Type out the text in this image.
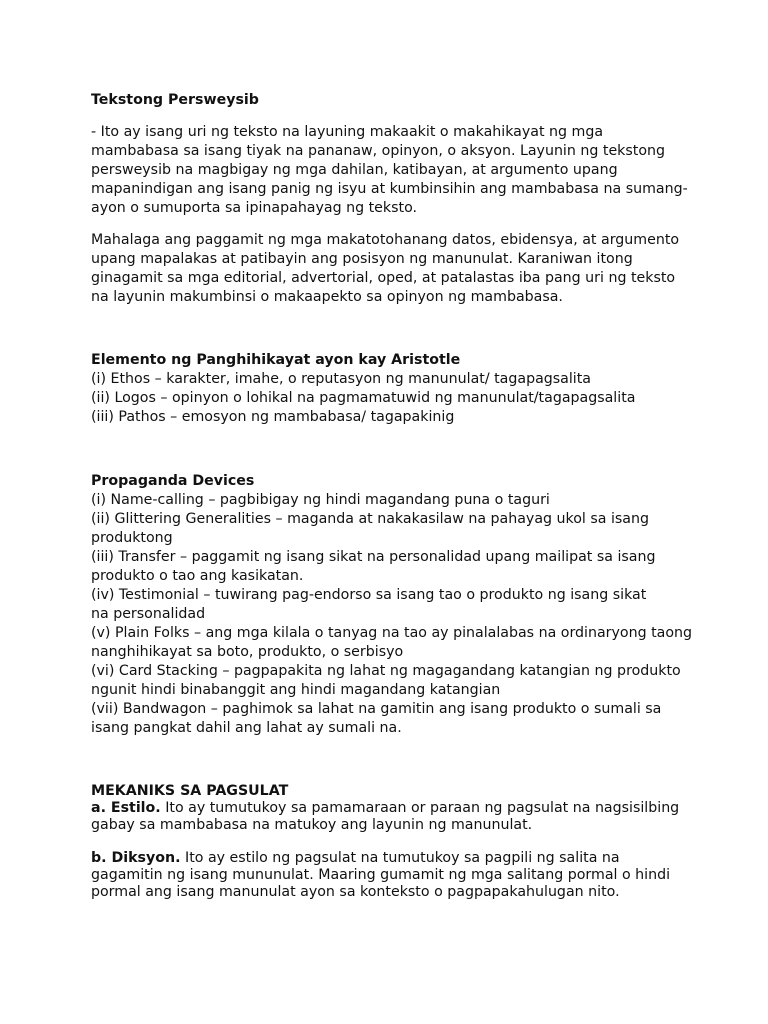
Tekstong Persweysib
- Ito ay isang uri ng teksto na layuning makaakit o makahikayat ng mga
mambabasa sa isang tiyak na pananaw, opinyon, o aksyon. Layunin ng tekstong
persweysib na magbigay ng mga dahilan, katibayan, at argumento upang
mapanindigan ang isang panig ng isyu at kumbinsihin ang mambabasa na sumang-
ayon o sumuporta sa ipinapahayag ng teksto.
Mahalaga ang paggamit ng mga makatotohanang datos, ebidensya, at argumento
upang mapalakas at patibayin ang posisyon ng manunulat. Karaniwan itong
ginagamit sa mga editorial, advertorial, oped, at patalastas iba pang uri ng teksto
na layunin makumbinsi o makaapekto sa opinyon ng mambabasa.
Elemento ng Panghihikayat ayon kay Aristotle
(i) Ethos – karakter, imahe, o reputasyon ng manunulat/ tagapagsalita
(ii) Logos – opinyon o lohikal na pagmamatuwid ng manunulat/tagapagsalita
(iii) Pathos – emosyon ng mambabasa/ tagapakinig
Propaganda Devices
(i) Name-calling – pagbibigay ng hindi magandang puna o taguri
(ii) Glittering Generalities – maganda at nakakasilaw na pahayag ukol sa isang
produktong
(iii) Transfer – paggamit ng isang sikat na personalidad upang mailipat sa isang
produkto o tao ang kasikatan.
(iv) Testimonial – tuwirang pag-endorso sa isang tao o produkto ng isang sikat
na personalidad
(v) Plain Folks – ang mga kilala o tanyag na tao ay pinalalabas na ordinaryong taong
nanghihikayat sa boto, produkto, o serbisyo
(vi) Card Stacking – pagpapakita ng lahat ng magagandang katangian ng produkto
ngunit hindi binabanggit ang hindi magandang katangian
(vii) Bandwagon – paghimok sa lahat na gamitin ang isang produkto o sumali sa
isang pangkat dahil ang lahat ay sumali na.
MEKANIKS SA PAGSULAT
a. Estilo. Ito ay tumutukoy sa pamamaraan or paraan ng pagsulat na nagsisilbing
gabay sa mambabasa na matukoy ang layunin ng manunulat.
b. Diksyon. Ito ay estilo ng pagsulat na tumutukoy sa pagpili ng salita na
gagamitin ng isang mununulat. Maaring gumamit ng mga salitang pormal o hindi
pormal ang isang manunulat ayon sa konteksto o pagpapakahulugan nito.
